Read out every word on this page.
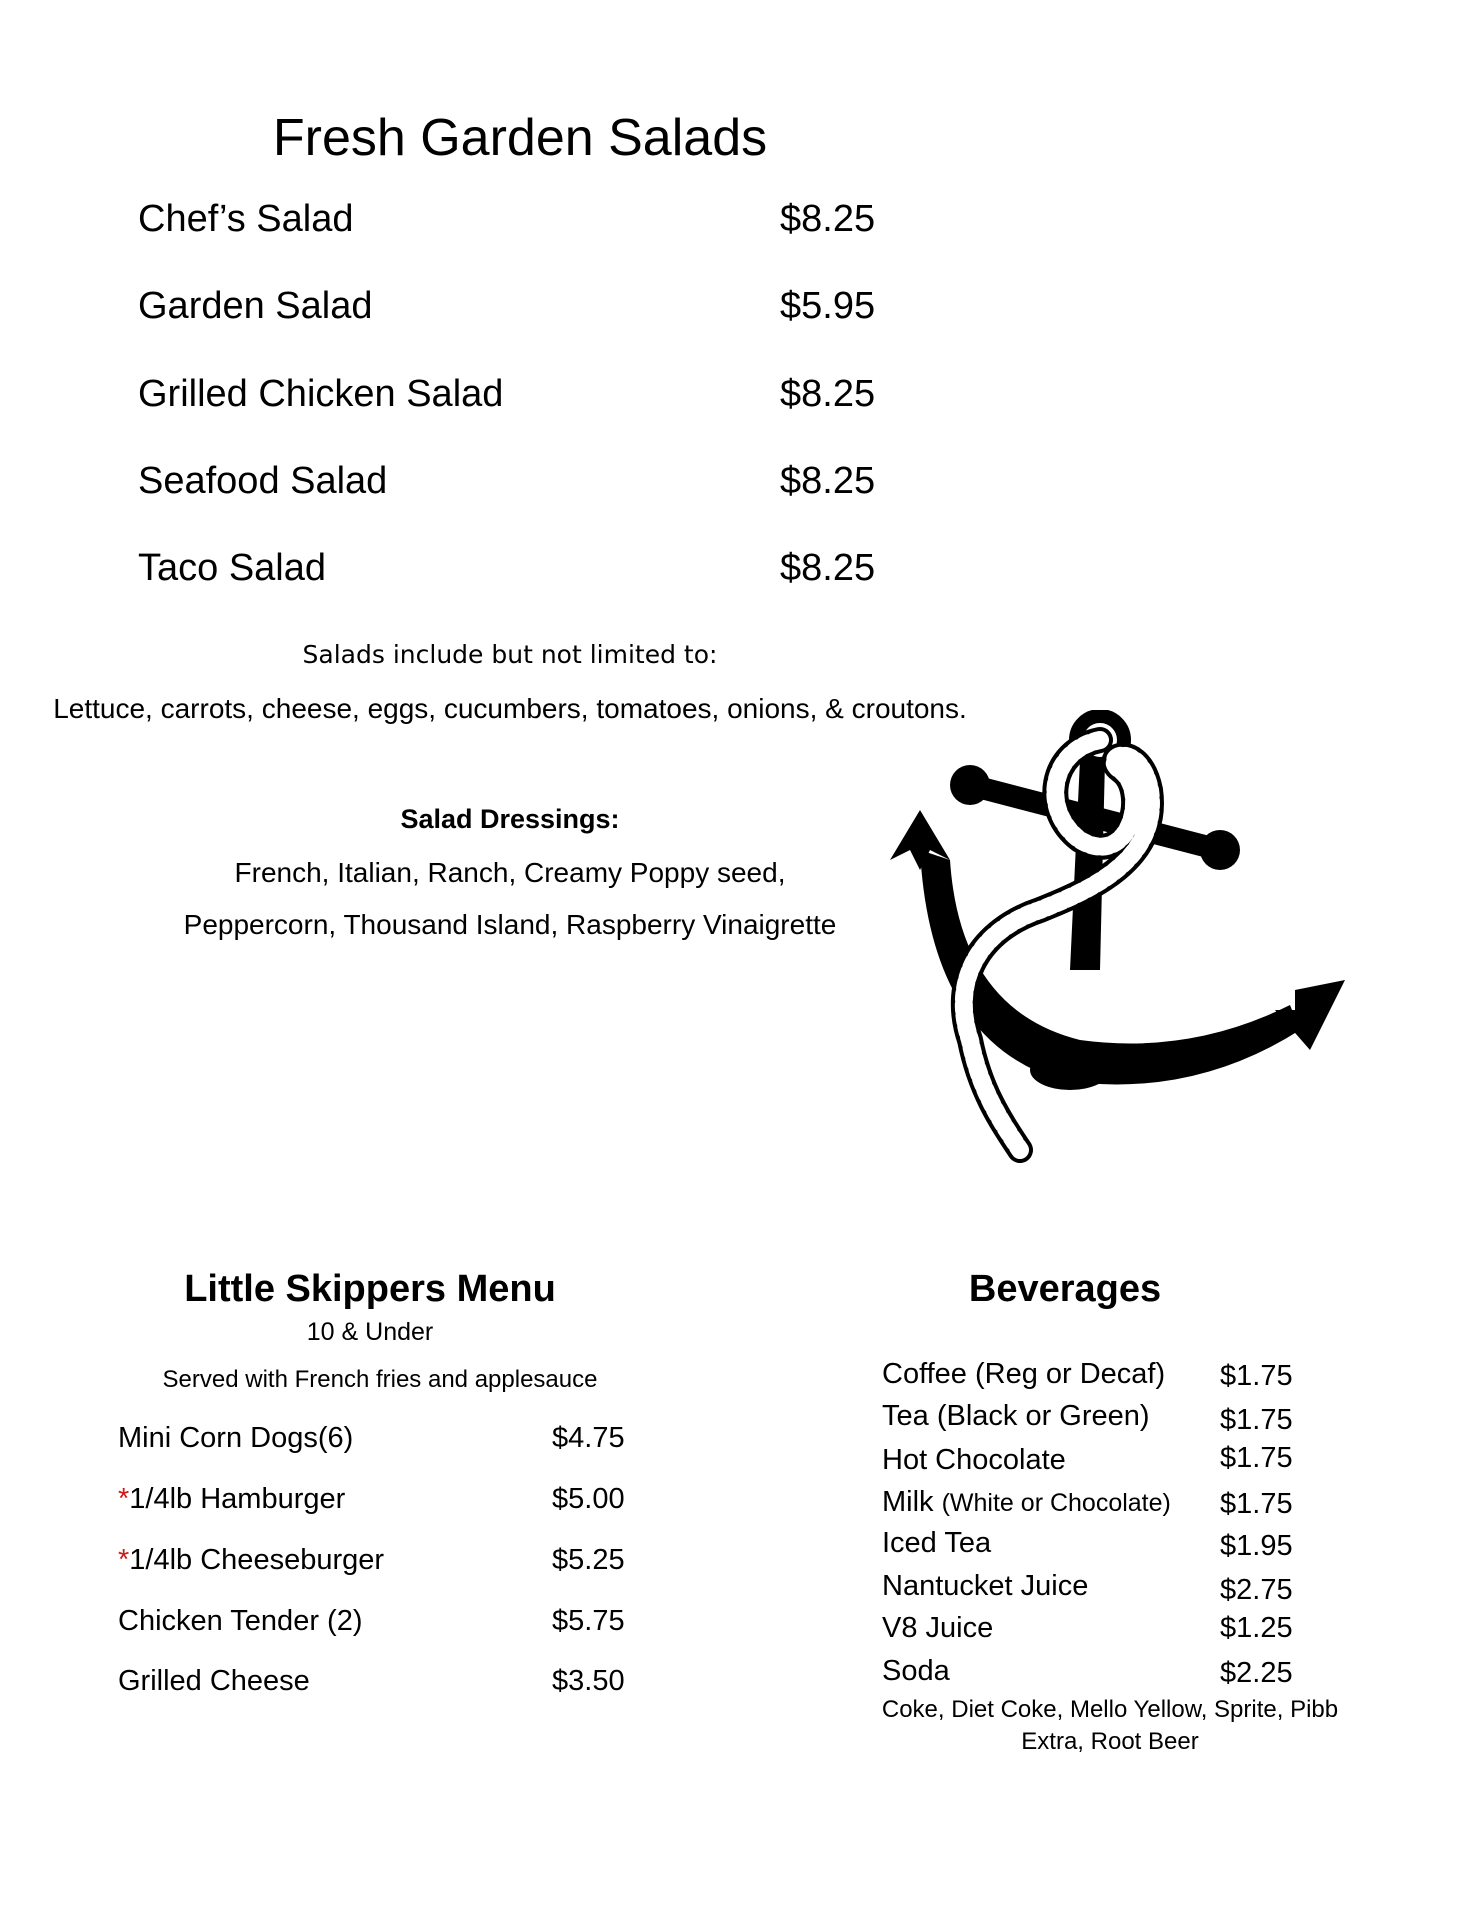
Fresh Garden Salads
Chef’s Salad	$8.25
Garden Salad	$5.95
Grilled Chicken Salad	$8.25
Seafood Salad	$8.25
Taco Salad	$8.25
Salads include but not limited to:
Lettuce, carrots, cheese, eggs, cucumbers, tomatoes, onions, & croutons.
Salad Dressings:
French, Italian, Ranch, Creamy Poppy seed,
Peppercorn, Thousand Island, Raspberry Vinaigrette
Little Skippers Menu
10 & Under
Served with French fries and applesauce
Mini Corn Dogs(6)	$4.75
*1/4lb Hamburger	$5.00
*1/4lb Cheeseburger	$5.25
Chicken Tender (2)	$5.75
Grilled Cheese	$3.50
Beverages
Coffee (Reg or Decaf) $1.75
Tea (Black or Green) $1.75
Hot Chocolate	$1.75
Milk (White or Chocolate) $1.75
Iced Tea	$1.95
Nantucket Juice	$2.75
V8 Juice	$1.25
Soda	$2.25
Coke, Diet Coke, Mello Yellow, Sprite, Pibb Extra, Root Beer
